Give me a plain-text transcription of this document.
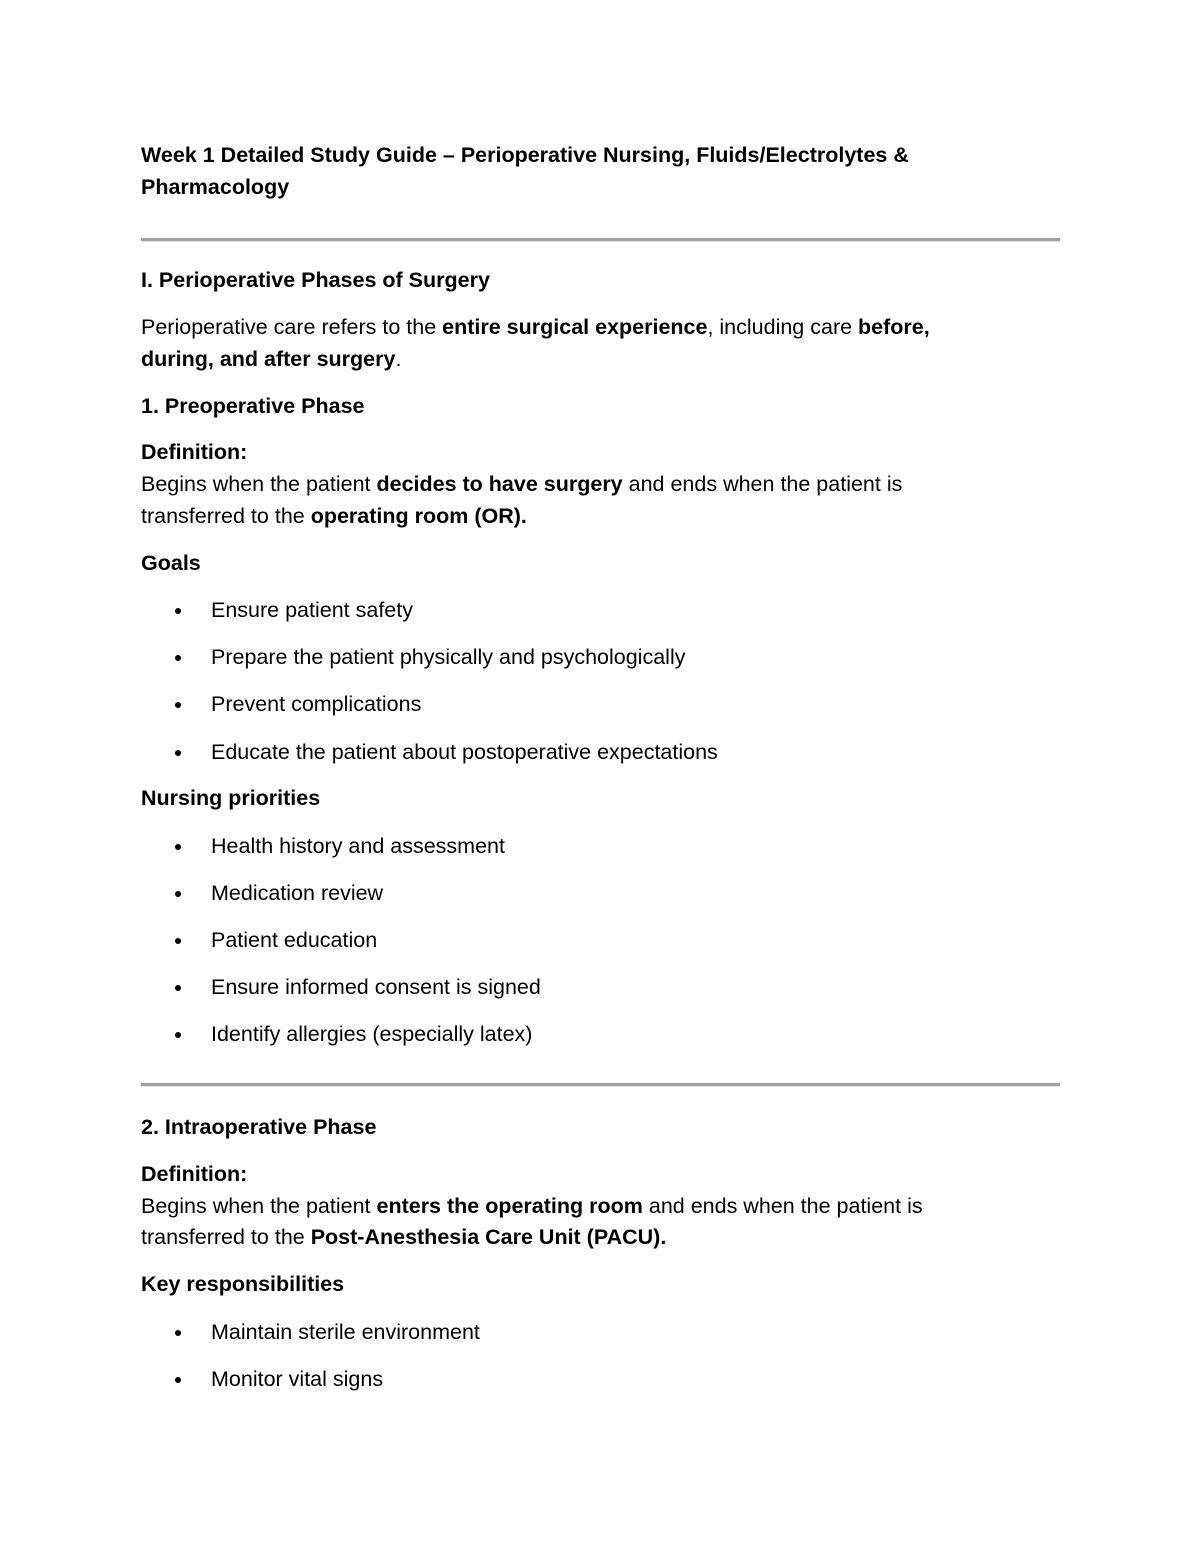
Week 1 Detailed Study Guide – Perioperative Nursing, Fluids/Electrolytes &
Pharmacology
I. Perioperative Phases of Surgery
Perioperative care refers to the entire surgical experience, including care before,
during, and after surgery.
1. Preoperative Phase
Definition:
Begins when the patient decides to have surgery and ends when the patient is
transferred to the operating room (OR).
Goals
Ensure patient safety
Prepare the patient physically and psychologically
Prevent complications
Educate the patient about postoperative expectations
Nursing priorities
Health history and assessment
Medication review
Patient education
Ensure informed consent is signed
Identify allergies (especially latex)
2. Intraoperative Phase
Definition:
Begins when the patient enters the operating room and ends when the patient is
transferred to the Post-Anesthesia Care Unit (PACU).
Key responsibilities
Maintain sterile environment
Monitor vital signs
